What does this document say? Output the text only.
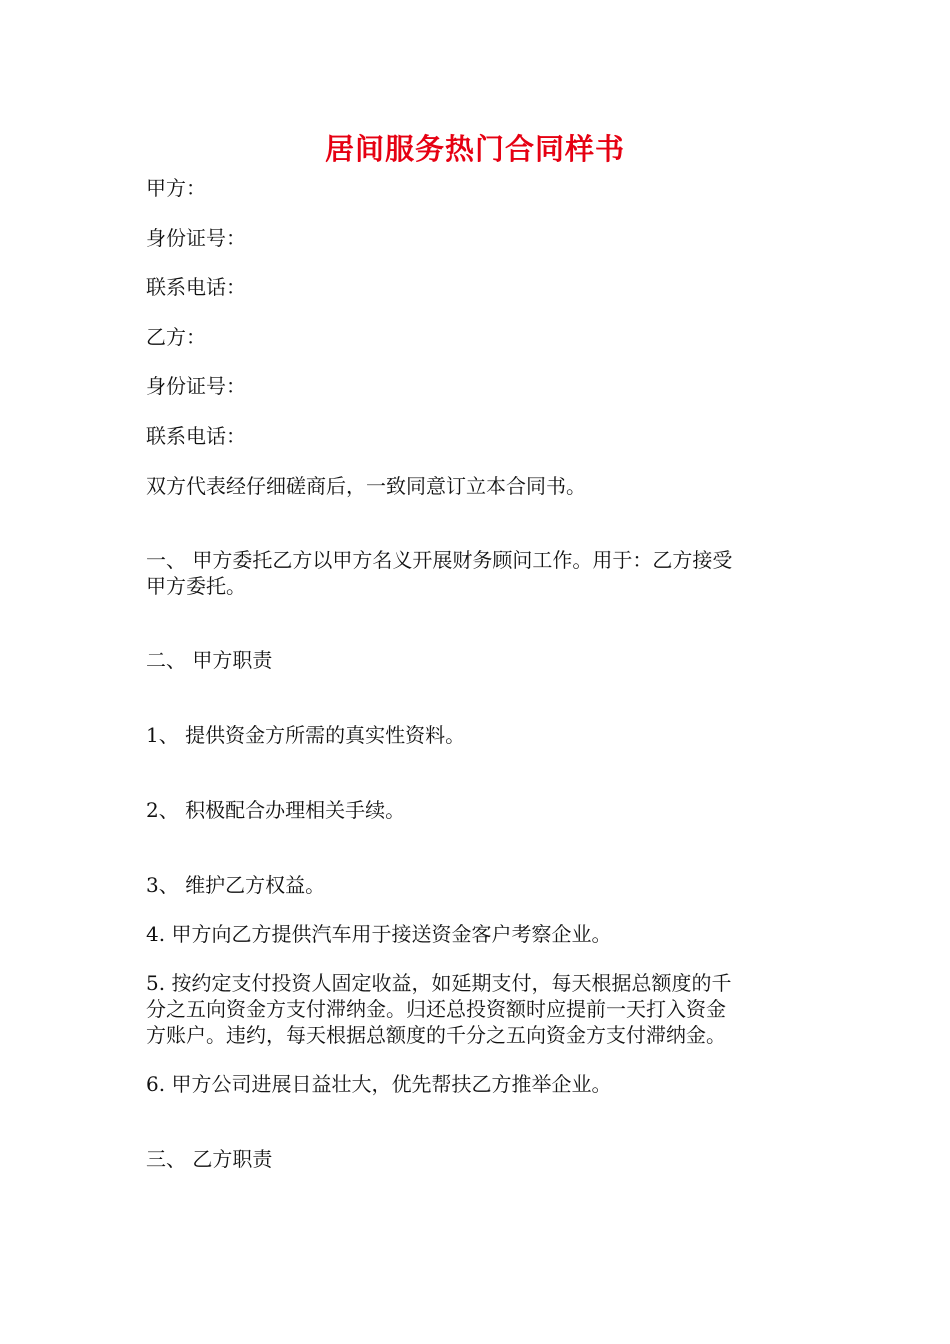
居间服务热门合同样书
甲方：
身份证号：
联系电话：
乙方：
身份证号：
联系电话：
双方代表经仔细磋商后，一致同意订立本合同书。
一、 甲方委托乙方以甲方名义开展财务顾问工作。用于：乙方接受
甲方委托。
二、 甲方职责
1、 提供资金方所需的真实性资料。
2、 积极配合办理相关手续。
3、 维护乙方权益。
4. 甲方向乙方提供汽车用于接送资金客户考察企业。
5. 按约定支付投资人固定收益，如延期支付，每天根据总额度的千
分之五向资金方支付滞纳金。归还总投资额时应提前一天打入资金
方账户。违约，每天根据总额度的千分之五向资金方支付滞纳金。
6. 甲方公司进展日益壮大，优先帮扶乙方推举企业。
三、 乙方职责
